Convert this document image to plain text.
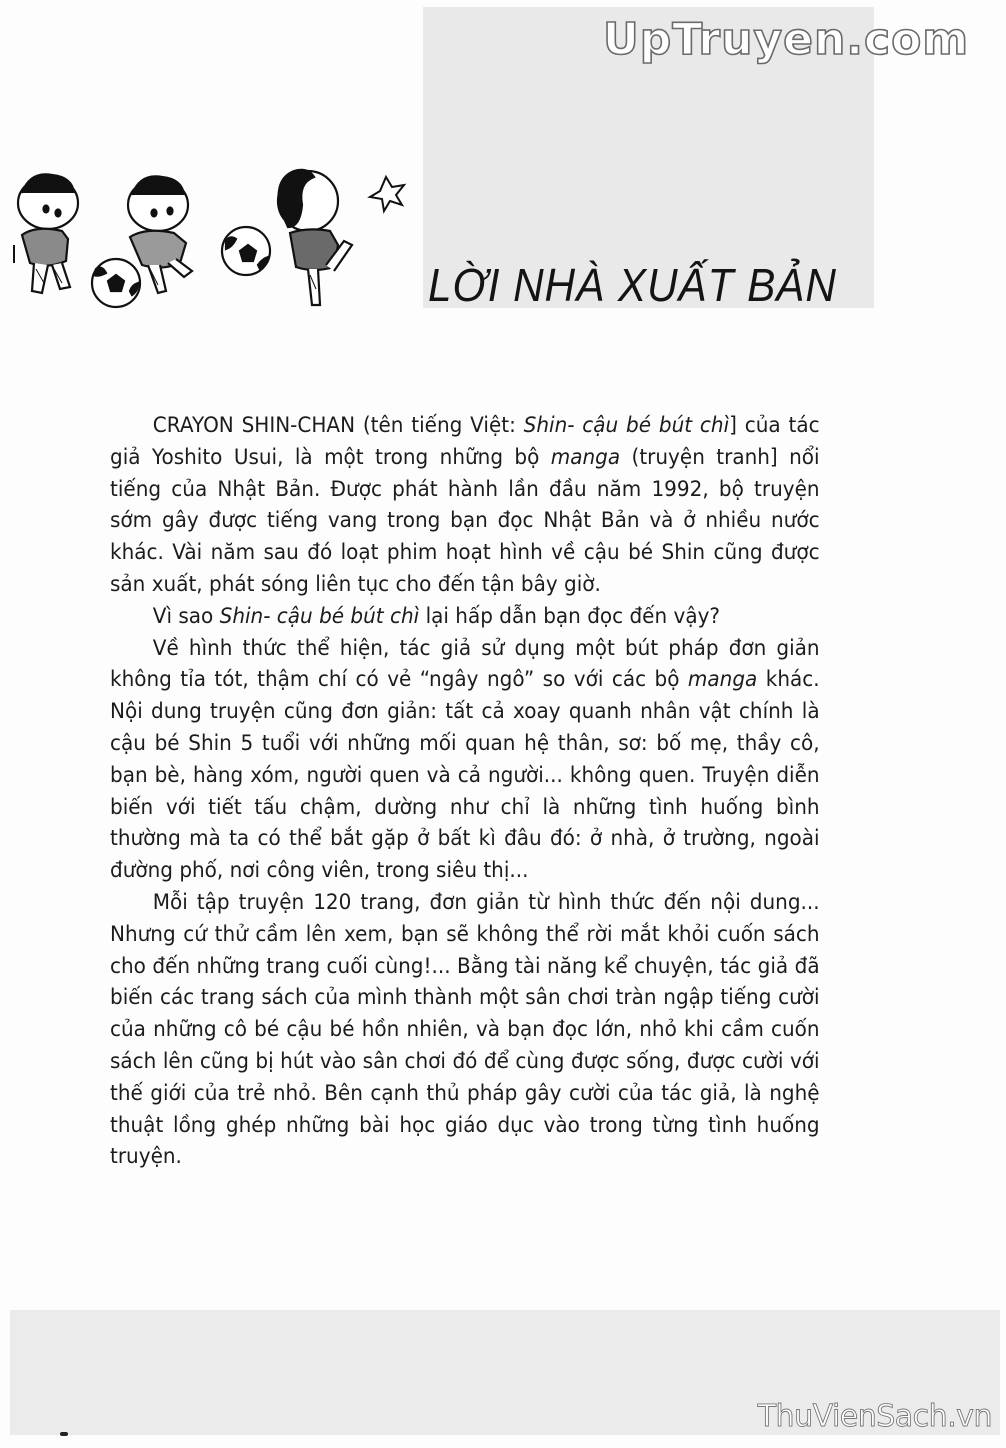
UpTruyen.com
LỜI NHÀ XUẤT BẢN

CRAYON SHIN-CHAN (tên tiếng Việt: Shin- cậu bé bút chì] của tác giả Yoshito Usui, là một trong những bộ manga (truyện tranh] nổi tiếng của Nhật Bản. Được phát hành lần đầu năm 1992, bộ truyện sớm gây được tiếng vang trong bạn đọc Nhật Bản và ở nhiều nước khác. Vài năm sau đó loạt phim hoạt hình về cậu bé Shin cũng được sản xuất, phát sóng liên tục cho đến tận bây giờ.

Vì sao Shin- cậu bé bút chì lại hấp dẫn bạn đọc đến vậy?

Về hình thức thể hiện, tác giả sử dụng một bút pháp đơn giản không tỉa tót, thậm chí có vẻ “ngây ngô” so với các bộ manga khác. Nội dung truyện cũng đơn giản: tất cả xoay quanh nhân vật chính là cậu bé Shin 5 tuổi với những mối quan hệ thân, sơ: bố mẹ, thầy cô, bạn bè, hàng xóm, người quen và cả người... không quen. Truyện diễn biến với tiết tấu chậm, dường như chỉ là những tình huống bình thường mà ta có thể bắt gặp ở bất kì đâu đó: ở nhà, ở trường, ngoài đường phố, nơi công viên, trong siêu thị...

Mỗi tập truyện 120 trang, đơn giản từ hình thức đến nội dung... Nhưng cứ thử cầm lên xem, bạn sẽ không thể rời mắt khỏi cuốn sách cho đến những trang cuối cùng!... Bằng tài năng kể chuyện, tác giả đã biến các trang sách của mình thành một sân chơi tràn ngập tiếng cười của những cô bé cậu bé hồn nhiên, và bạn đọc lớn, nhỏ khi cầm cuốn sách lên cũng bị hút vào sân chơi đó để cùng được sống, được cười với thế giới của trẻ nhỏ. Bên cạnh thủ pháp gây cười của tác giả, là nghệ thuật lồng ghép những bài học giáo dục vào trong từng tình huống truyện.

ThuVienSach.vn
